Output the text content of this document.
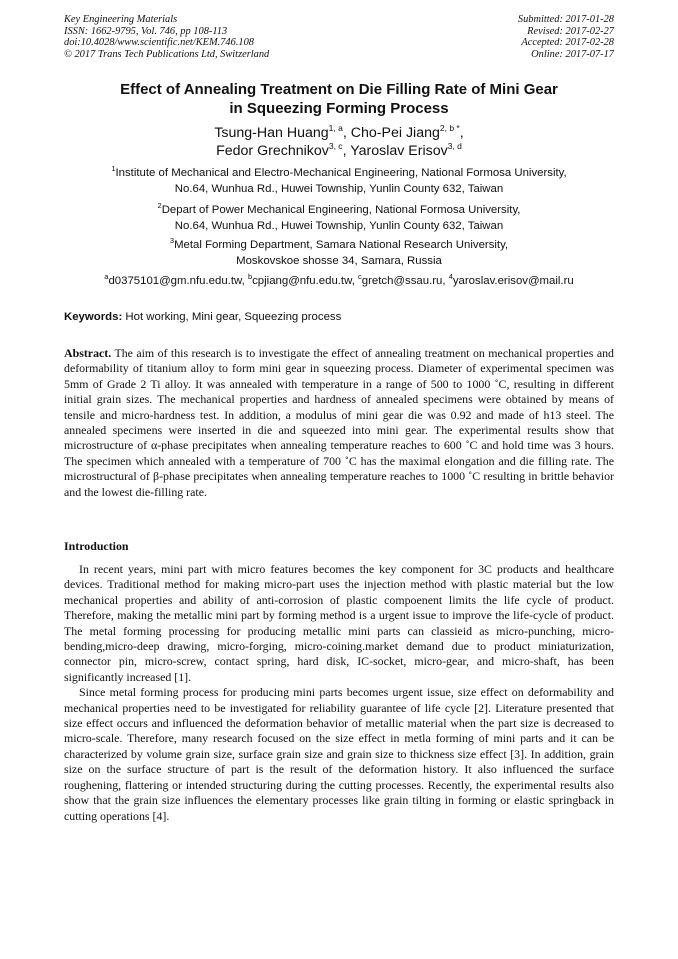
Key Engineering Materials
ISSN: 1662-9795, Vol. 746, pp 108-113
doi:10.4028/www.scientific.net/KEM.746.108
© 2017 Trans Tech Publications Ltd, Switzerland
Submitted: 2017-01-28
Revised: 2017-02-27
Accepted: 2017-02-28
Online: 2017-07-17
Effect of Annealing Treatment on Die Filling Rate of Mini Gear
in Squeezing Forming Process
Tsung-Han Huang$^{1, a}$, Cho-Pei Jiang$^{2, b *}$,
Fedor Grechnikov$^{3, c}$, Yaroslav Erisov$^{3, d}$
$^1$Institute of Mechanical and Electro-Mechanical Engineering, National Formosa University,
No.64, Wunhua Rd., Huwei Township, Yunlin County 632, Taiwan
$^2$Depart of Power Mechanical Engineering, National Formosa University,
No.64, Wunhua Rd., Huwei Township, Yunlin County 632, Taiwan
$^3$Metal Forming Department, Samara National Research University,
Moskovskoe shosse 34, Samara, Russia
$^a$d0375101@gm.nfu.edu.tw, $^b$cpjiang@nfu.edu.tw, $^c$gretch@ssau.ru, $^4$yaroslav.erisov@mail.ru
Keywords: Hot working, Mini gear, Squeezing process
Abstract. The aim of this research is to investigate the effect of annealing treatment on mechanical properties and deformability of titanium alloy to form mini gear in squeezing process. Diameter of experimental specimen was 5mm of Grade 2 Ti alloy. It was annealed with temperature in a range of 500 to 1000 ˚C, resulting in different initial grain sizes. The mechanical properties and hardness of annealed specimens were obtained by means of tensile and micro-hardness test. In addition, a modulus of mini gear die was 0.92 and made of h13 steel. The annealed specimens were inserted in die and squeezed into mini gear. The experimental results show that microstructure of α-phase precipitates when annealing temperature reaches to 600 ˚C and hold time was 3 hours. The specimen which annealed with a temperature of 700 ˚C has the maximal elongation and die filling rate. The microstructural of β-phase precipitates when annealing temperature reaches to 1000 ˚C resulting in brittle behavior and the lowest die-filling rate.
Introduction

In recent years, mini part with micro features becomes the key component for 3C products and healthcare devices. Traditional method for making micro-part uses the injection method with plastic material but the low mechanical properties and ability of anti-corrosion of plastic compoenent limits the life cycle of product. Therefore, making the metallic mini part by forming method is a urgent issue to improve the life-cycle of product. The metal forming processing for producing metallic mini parts can classieid as micro-punching, micro-bending,micro-deep drawing, micro-forging, micro-coining.market demand due to product miniaturization, connector pin, micro-screw, contact spring, hard disk, IC-socket, micro-gear, and micro-shaft, has been significantly increased [1].

Since metal forming process for producing mini parts becomes urgent issue, size effect on deformability and mechanical properties need to be investigated for reliability guarantee of life cycle [2]. Literature presented that size effect occurs and influenced the deformation behavior of metallic material when the part size is decreased to micro-scale. Therefore, many research focused on the size effect in metla forming of mini parts and it can be characterized by volume grain size, surface grain size and grain size to thickness size effect [3]. In addition, grain size on the surface structure of part is the result of the deformation history. It also influenced the surface roughening, flattering or intended structuring during the cutting processes. Recently, the experimental results also show that the grain size influences the elementary processes like grain tilting in forming or elastic springback in cutting operations [4].
